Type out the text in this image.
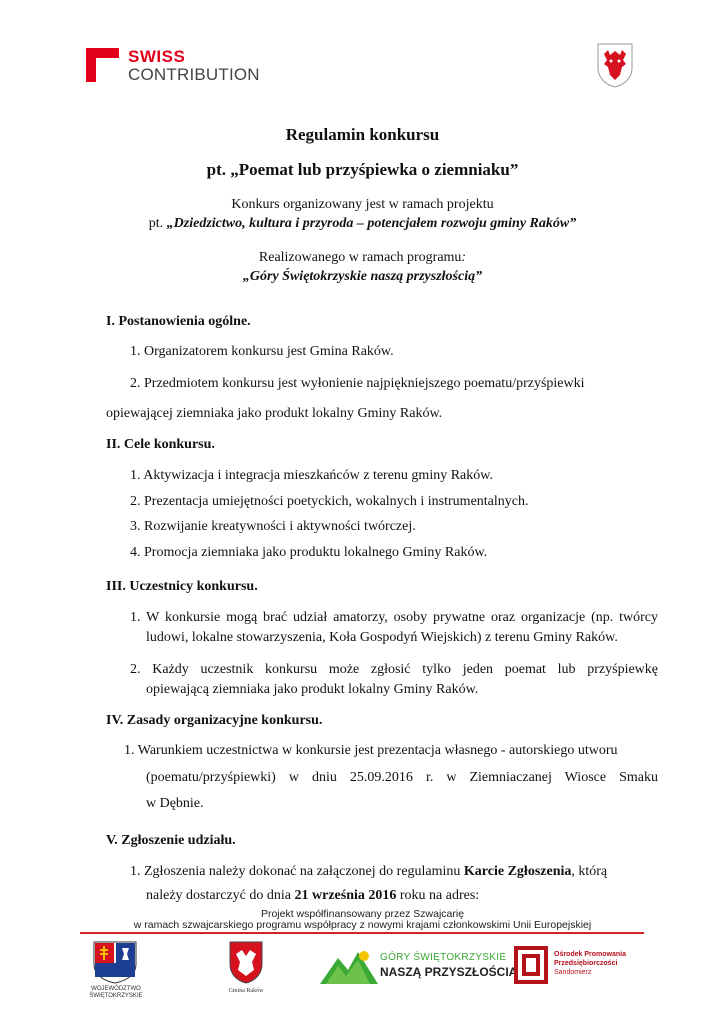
SWISS
CONTRIBUTION
Regulamin konkursu
pt. „Poemat lub przyśpiewka o ziemniaku”
Konkurs organizowany jest w ramach projektu
pt. „Dziedzictwo, kultura i przyroda – potencjałem rozwoju gminy Raków”
Realizowanego w ramach programu:
„Góry Świętokrzyskie naszą przyszłością”
I. Postanowienia ogólne.
1. Organizatorem konkursu jest Gmina Raków.
2. Przedmiotem konkursu jest wyłonienie najpiękniejszego poematu/przyśpiewki
opiewającej ziemniaka jako produkt lokalny Gminy Raków.
II. Cele konkursu.
1. Aktywizacja i integracja mieszkańców z terenu gminy Raków.
2. Prezentacja umiejętności poetyckich, wokalnych i instrumentalnych.
3. Rozwijanie kreatywności i aktywności twórczej.
4. Promocja ziemniaka jako produktu lokalnego Gminy Raków.
III. Uczestnicy konkursu.
1. W konkursie mogą brać udział amatorzy, osoby prywatne oraz organizacje (np. twórcy
ludowi, lokalne stowarzyszenia, Koła Gospodyń Wiejskich) z terenu Gminy Raków.
2. Każdy uczestnik konkursu może zgłosić tylko jeden poemat lub przyśpiewkę
opiewającą ziemniaka jako produkt lokalny Gminy Raków.
IV. Zasady organizacyjne konkursu.
1. Warunkiem uczestnictwa w konkursie jest prezentacja własnego - autorskiego utworu
(poematu/przyśpiewki) w dniu 25.09.2016 r. w Ziemniaczanej Wiosce Smaku
w Dębnie.
V. Zgłoszenie udziału.
1. Zgłoszenia należy dokonać na załączonej do regulaminu Karcie Zgłoszenia, którą
należy dostarczyć do dnia 21 września 2016 roku na adres:
Projekt współfinansowany przez Szwajcarię
w ramach szwajcarskiego programu współpracy z nowymi krajami członkowskimi Unii Europejskiej
WOJEWÓDZTWO
ŚWIĘTOKRZYSKIE
Gmina Raków
GÓRY ŚWIĘTOKRZYSKIE
NASZĄ PRZYSZŁOŚCIĄ
Ośrodek Promowania
Przedsiębiorczości
Sandomierz
